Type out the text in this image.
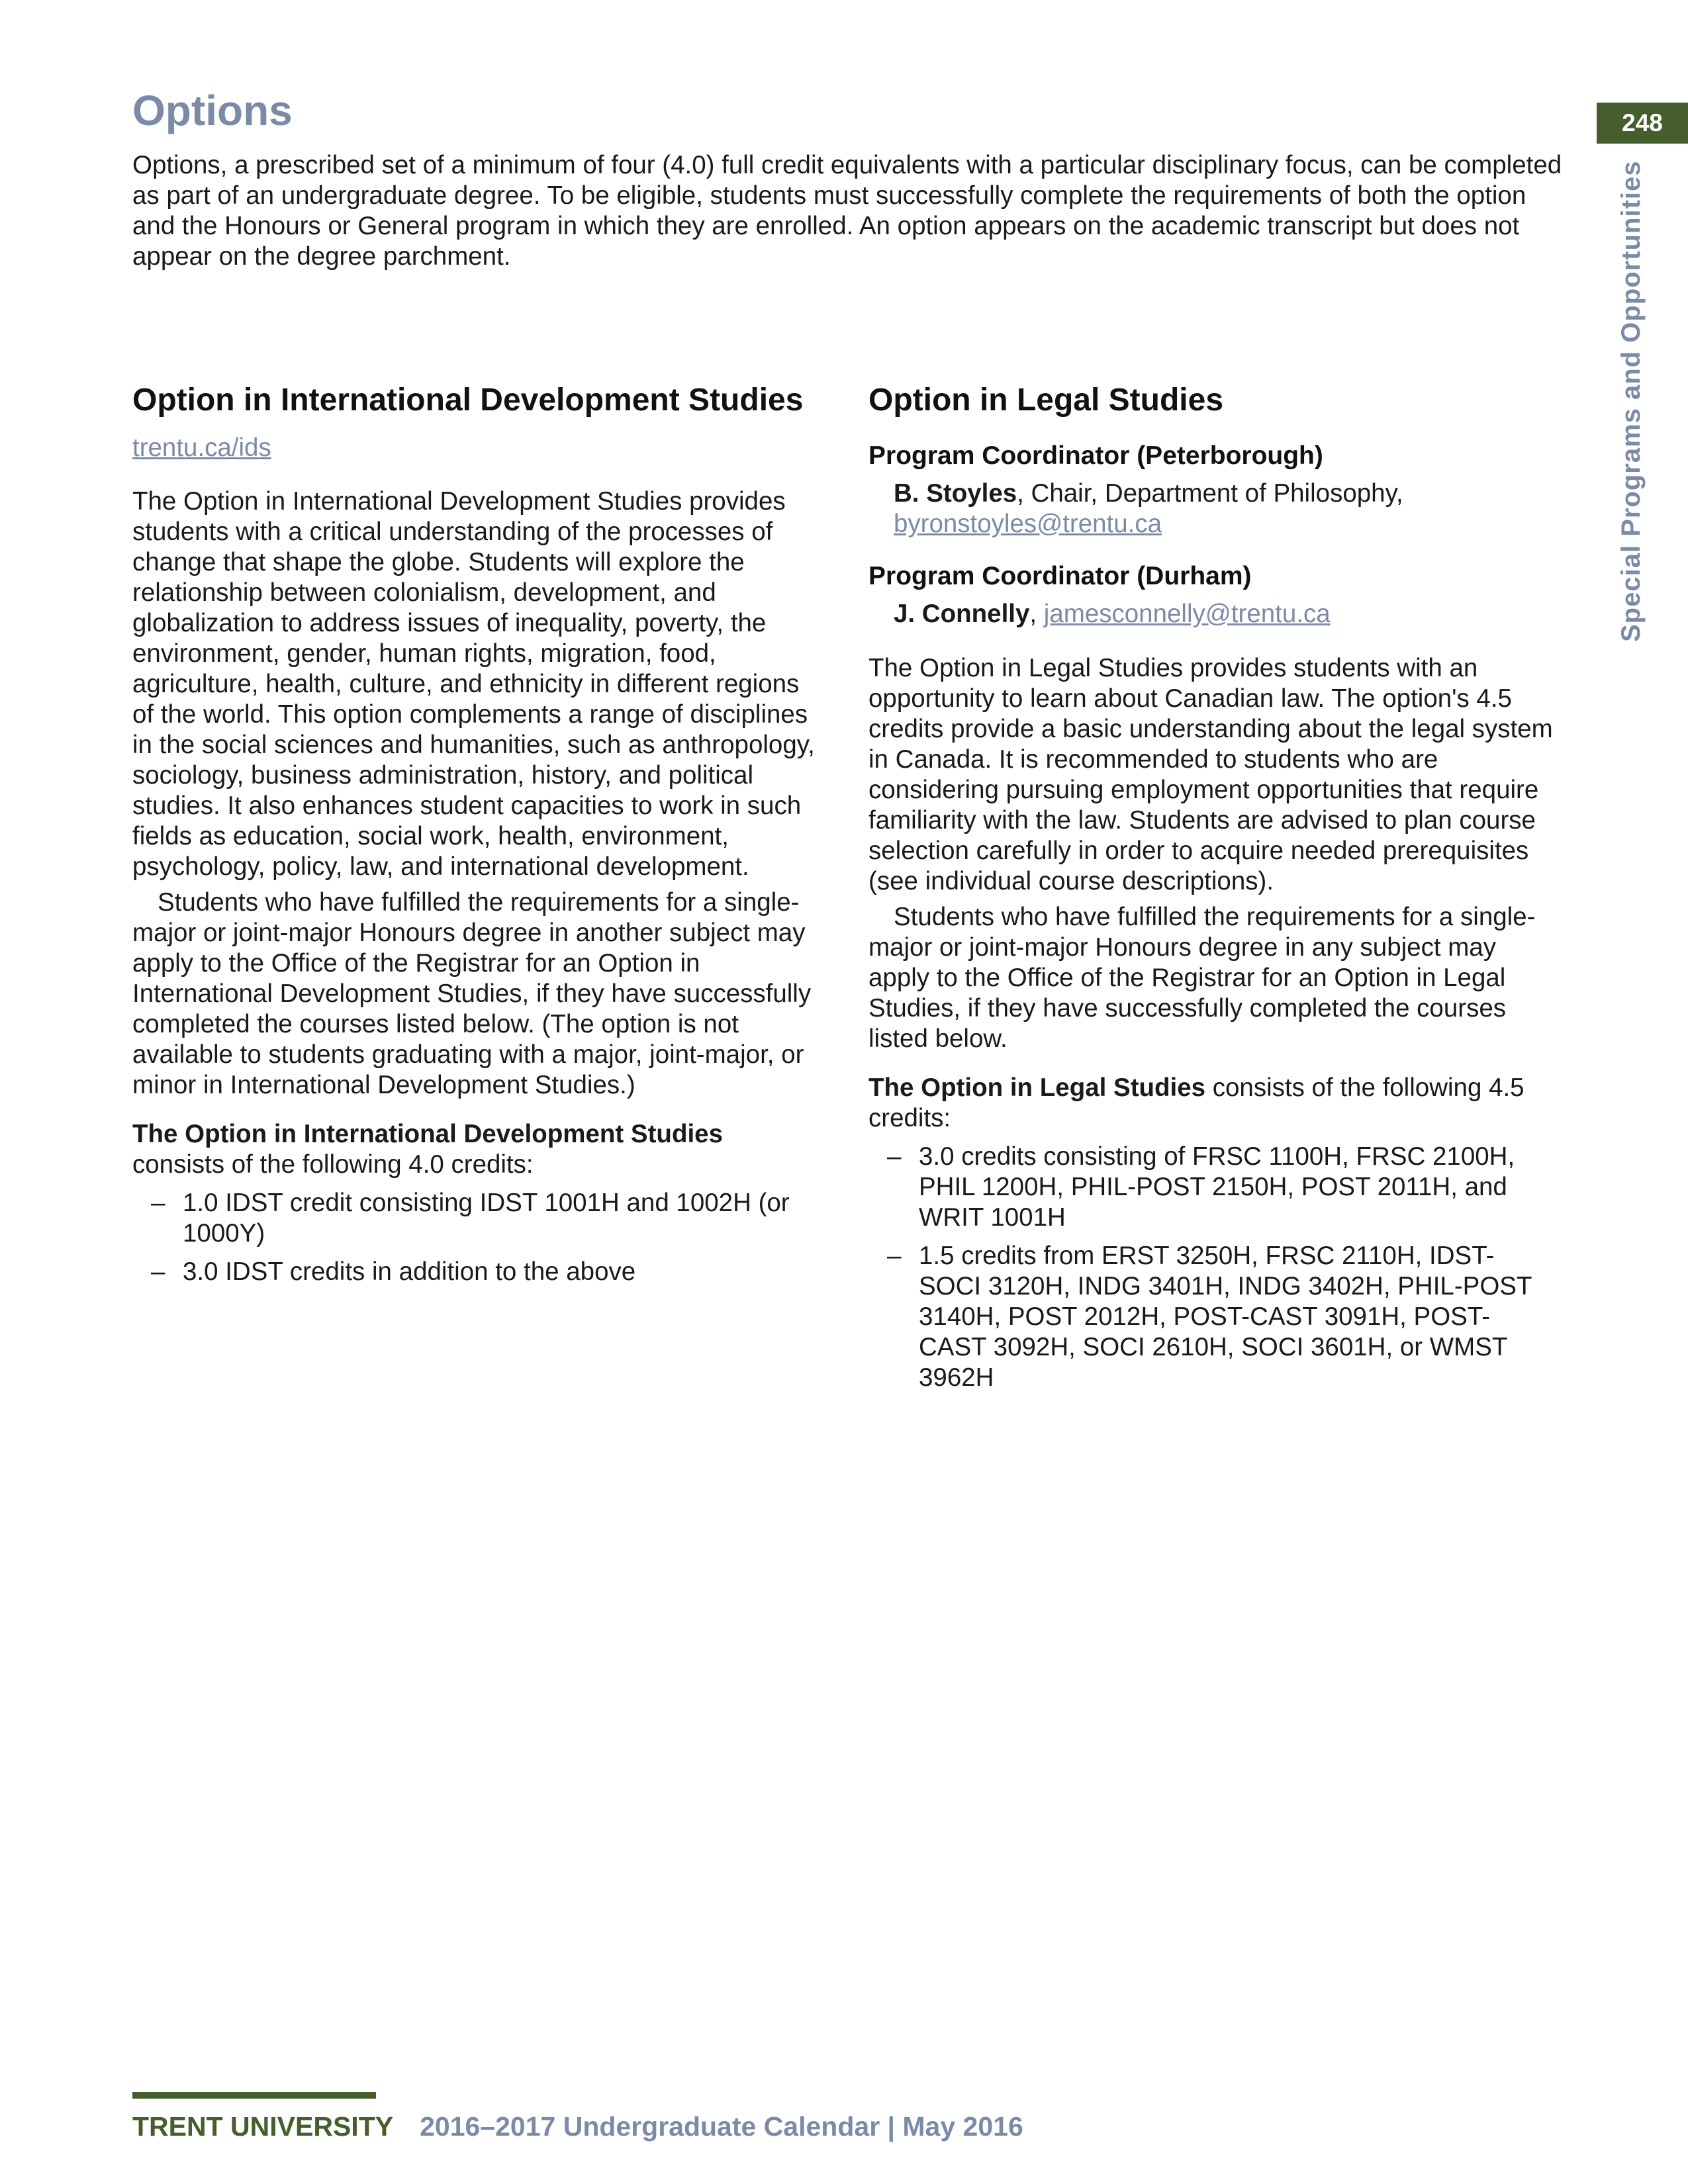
248
Special Programs and Opportunities
Options

Options, a prescribed set of a minimum of four (4.0) full credit equivalents with a particular disciplinary focus, can be completed as part of an undergraduate degree. To be eligible, students must successfully complete the requirements of both the option and the Honours or General program in which they are enrolled. An option appears on the academic transcript but does not appear on the degree parchment.

Option in International Development Studies
trentu.ca/ids

The Option in International Development Studies provides students with a critical understanding of the processes of change that shape the globe. Students will explore the relationship between colonialism, development, and globalization to address issues of inequality, poverty, the environment, gender, human rights, migration, food, agriculture, health, culture, and ethnicity in different regions of the world. This option complements a range of disciplines in the social sciences and humanities, such as anthropology, sociology, business administration, history, and political studies. It also enhances student capacities to work in such fields as education, social work, health, environment, psychology, policy, law, and international development.

Students who have fulfilled the requirements for a single-major or joint-major Honours degree in another subject may apply to the Office of the Registrar for an Option in International Development Studies, if they have successfully completed the courses listed below. (The option is not available to students graduating with a major, joint-major, or minor in International Development Studies.)

The Option in International Development Studies consists of the following 4.0 credits:

– 1.0 IDST credit consisting IDST 1001H and 1002H (or 1000Y)
– 3.0 IDST credits in addition to the above
Option in Legal Studies
Program Coordinator (Peterborough)
B. Stoyles, Chair, Department of Philosophy,
byronstoyles@trentu.ca
Program Coordinator (Durham)
J. Connelly, jamesconnelly@trentu.ca

The Option in Legal Studies provides students with an opportunity to learn about Canadian law. The option's 4.5 credits provide a basic understanding about the legal system in Canada. It is recommended to students who are considering pursuing employment opportunities that require familiarity with the law. Students are advised to plan course selection carefully in order to acquire needed prerequisites (see individual course descriptions).

Students who have fulfilled the requirements for a single-major or joint-major Honours degree in any subject may apply to the Office of the Registrar for an Option in Legal Studies, if they have successfully completed the courses listed below.

The Option in Legal Studies consists of the following 4.5 credits:

– 3.0 credits consisting of FRSC 1100H, FRSC 2100H, PHIL 1200H, PHIL-POST 2150H, POST 2011H, and WRIT 1001H
– 1.5 credits from ERST 3250H, FRSC 2110H, IDST-SOCI 3120H, INDG 3401H, INDG 3402H, PHIL-POST 3140H, POST 2012H, POST-CAST 3091H, POST-CAST 3092H, SOCI 2610H, SOCI 3601H, or WMST 3962H
TRENT UNIVERSITY 2016–2017 Undergraduate Calendar | May 2016
